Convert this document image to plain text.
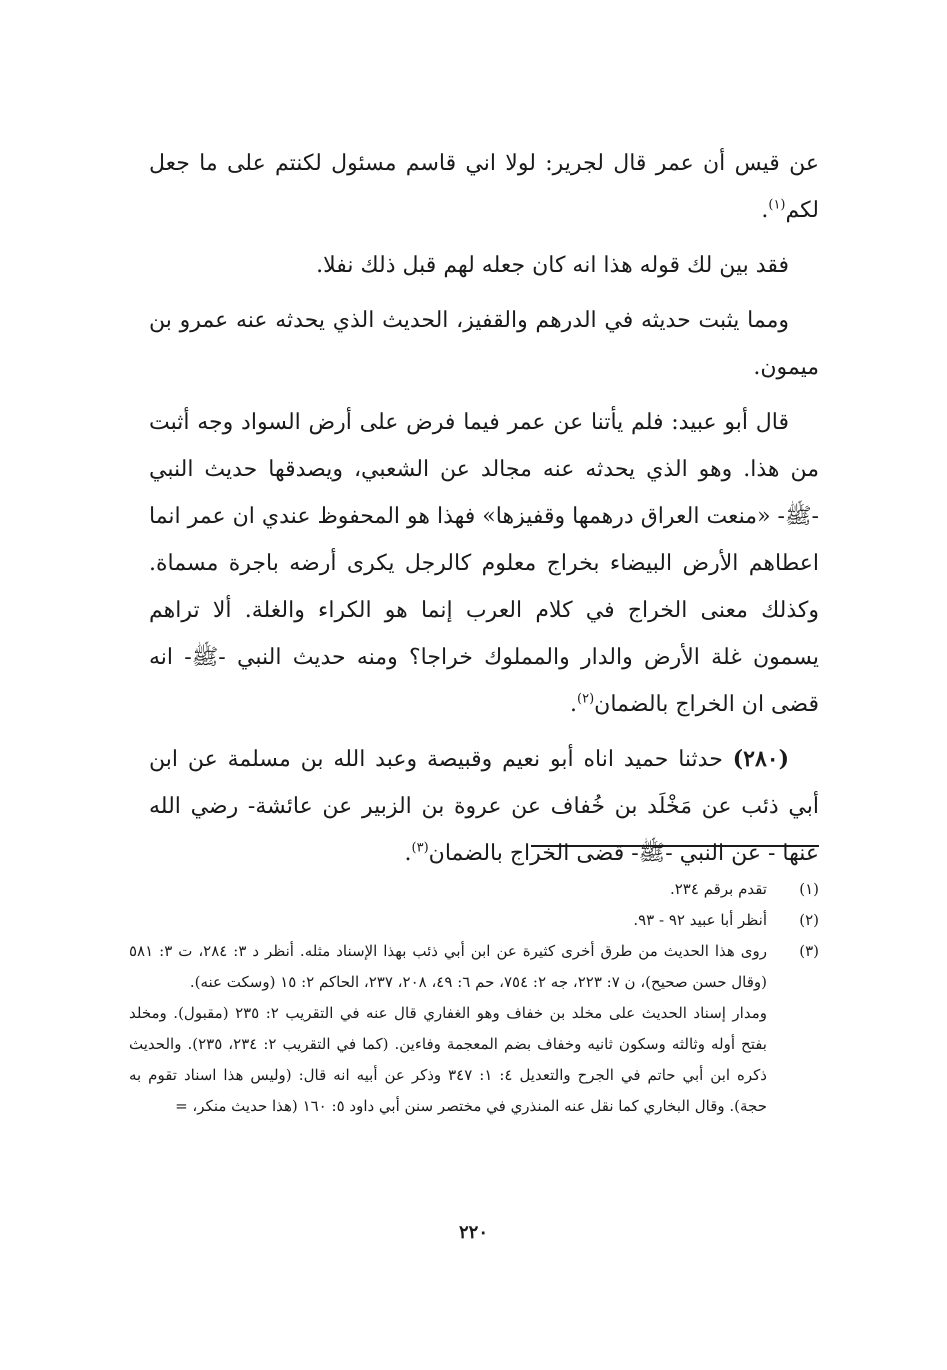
عن قيس أن عمر قال لجرير: لولا اني قاسم مسئول لكنتم على ما جعل لكم$^{(١)}$.

فقد بين لك قوله هذا انه كان جعله لهم قبل ذلك نفلا.

ومما يثبت حديثه في الدرهم والقفيز، الحديث الذي يحدثه عنه عمرو بن ميمون.

قال أبو عبيد: فلم يأتنا عن عمر فيما فرض على أرض السواد وجه أثبت من هذا. وهو الذي يحدثه عنه مجالد عن الشعبي، ويصدقها حديث النبي -ﷺ- «منعت العراق درهمها وقفيزها» فهذا هو المحفوظ عندي ان عمر انما اعطاهم الأرض البيضاء بخراج معلوم كالرجل يكرى أرضه باجرة مسماة. وكذلك معنى الخراج في كلام العرب إنما هو الكراء والغلة. ألا تراهم يسمون غلة الأرض والدار والمملوك خراجا؟ ومنه حديث النبي -ﷺ- انه قضى ان الخراج بالضمان$^{(٢)}$.

(٢٨٠) حدثنا حميد اناه أبو نعيم وقبيصة وعبد الله بن مسلمة عن ابن أبي ذئب عن مَخْلَد بن خُفاف عن عروة بن الزبير عن عائشة- رضي الله عنها - عن النبي -ﷺ- قضى الخراج بالضمان$^{(٣)}$.

(١)
تقدم برقم ٢٣٤.
(٢)
أنظر أبا عبيد ٩٢ - ٩٣.
(٣)
روى هذا الحديث من طرق أخرى كثيرة عن ابن أبي ذئب بهذا الإسناد مثله. أنظر د ٣: ٢٨٤، ت ٣: ٥٨١ (وقال حسن صحيح)، ن ٧: ٢٢٣، جه ٢: ٧٥٤، حم ٦: ٤٩، ٢٠٨، ٢٣٧، الحاكم ٢: ١٥ (وسكت عنه).
ومدار إسناد الحديث على مخلد بن خفاف وهو الغفاري قال عنه في التقريب ٢: ٢٣٥ (مقبول). ومخلد بفتح أوله وثالثه وسكون ثانيه وخفاف بضم المعجمة وفاءين. (كما في التقريب ٢: ٢٣٤، ٢٣٥). والحديث ذكره ابن أبي حاتم في الجرح والتعديل ٤: ١: ٣٤٧ وذكر عن أبيه انه قال: (وليس هذا اسناد تقوم به حجة). وقال البخاري كما نقل عنه المنذري في مختصر سنن أبي داود ٥: ١٦٠ (هذا حديث منكر، =
٢٢٠
